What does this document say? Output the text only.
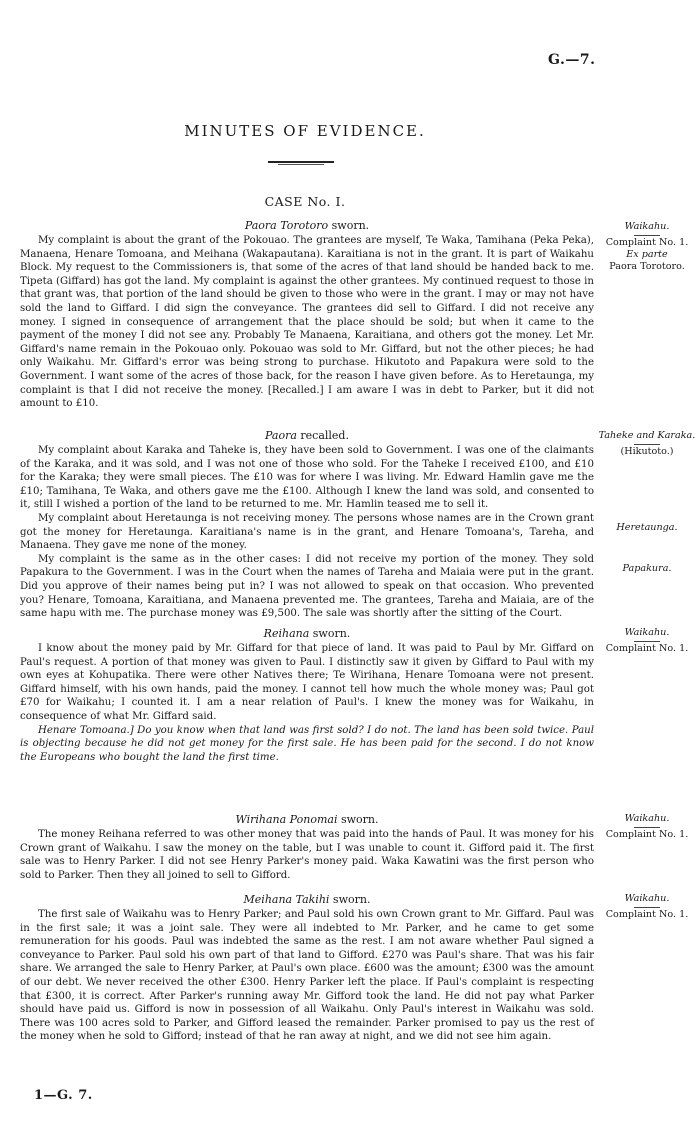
G.—7.
MINUTES OF EVIDENCE.
CASE No. I.

Paora Torotoro sworn.

My complaint is about the grant of the Pokouao. The grantees are myself, Te Waka, Tamihana (Peka Peka), Manaena, Henare Tomoana, and Meihana (Wakapautana). Karaitiana is not in the grant. It is part of Waikahu Block. My request to the Commissioners is, that some of the acres of that land should be handed back to me. Tipeta (Giffard) has got the land. My complaint is against the other grantees. My continued request to those in that grant was, that portion of the land should be given to those who were in the grant. I may or may not have sold the land to Giffard. I did sign the conveyance. The grantees did sell to Giffard. I did not receive any money. I signed in consequence of arrangement that the place should be sold; but when it came to the payment of the money I did not see any. Probably Te Manaena, Karaitiana, and others got the money. Let Mr. Giffard's name remain in the Pokouao only. Pokouao was sold to Mr. Giffard, but not the other pieces; he had only Waikahu. Mr. Giffard's error was being strong to purchase. Hikutoto and Papakura were sold to the Government. I want some of the acres of those back, for the reason I have given before. As to Heretaunga, my complaint is that I did not receive the money. [Recalled.] I am aware I was in debt to Parker, but it did not amount to £10.

Waikahu.
Complaint No. 1.
Ex parte
Paora Torotoro.

Paora recalled.

My complaint about Karaka and Taheke is, they have been sold to Government. I was one of the claimants of the Karaka, and it was sold, and I was not one of those who sold. For the Taheke I received £100, and £10 for the Karaka; they were small pieces. The £10 was for where I was living. Mr. Edward Hamlin gave me the £10; Tamihana, Te Waka, and others gave me the £100. Although I knew the land was sold, and consented to it, still I wished a portion of the land to be returned to me. Mr. Hamlin teased me to sell it.

My complaint about Heretaunga is not receiving money. The persons whose names are in the Crown grant got the money for Heretaunga. Karaitiana's name is in the grant, and Henare Tomoana's, Tareha, and Manaena. They gave me none of the money.

My complaint is the same as in the other cases: I did not receive my portion of the money. They sold Papakura to the Government. I was in the Court when the names of Tareha and Maiaia were put in the grant. Did you approve of their names being put in? I was not allowed to speak on that occasion. Who prevented you? Henare, Tomoana, Karaitiana, and Manaena prevented me. The grantees, Tareha and Maiaia, are of the same hapu with me. The purchase money was £9,500. The sale was shortly after the sitting of the Court.

Taheke and Karaka.
(Hikutoto.)
Heretaunga.
Papakura.

Reihana sworn.

I know about the money paid by Mr. Giffard for that piece of land. It was paid to Paul by Mr. Giffard on Paul's request. A portion of that money was given to Paul. I distinctly saw it given by Giffard to Paul with my own eyes at Kohupatika. There were other Natives there; Te Wirihana, Henare Tomoana were not present. Giffard himself, with his own hands, paid the money. I cannot tell how much the whole money was; Paul got £70 for Waikahu; I counted it. I am a near relation of Paul's. I knew the money was for Waikahu, in consequence of what Mr. Giffard said.

Henare Tomoana.] Do you know when that land was first sold? I do not. The land has been sold twice. Paul is objecting because he did not get money for the first sale. He has been paid for the second. I do not know the Europeans who bought the land the first time.

Waikahu.
Complaint No. 1.

Wirihana Ponomai sworn.

The money Reihana referred to was other money that was paid into the hands of Paul. It was money for his Crown grant of Waikahu. I saw the money on the table, but I was unable to count it. Gifford paid it. The first sale was to Henry Parker. I did not see Henry Parker's money paid. Waka Kawatini was the first person who sold to Parker. Then they all joined to sell to Gifford.

Waikahu.
Complaint No. 1.

Meihana Takihi sworn.

The first sale of Waikahu was to Henry Parker; and Paul sold his own Crown grant to Mr. Giffard. Paul was in the first sale; it was a joint sale. They were all indebted to Mr. Parker, and he came to get some remuneration for his goods. Paul was indebted the same as the rest. I am not aware whether Paul signed a conveyance to Parker. Paul sold his own part of that land to Gifford. £270 was Paul's share. That was his fair share. We arranged the sale to Henry Parker, at Paul's own place. £600 was the amount; £300 was the amount of our debt. We never received the other £300. Henry Parker left the place. If Paul's complaint is respecting that £300, it is correct. After Parker's running away Mr. Gifford took the land. He did not pay what Parker should have paid us. Gifford is now in possession of all Waikahu. Only Paul's interest in Waikahu was sold. There was 100 acres sold to Parker, and Gifford leased the remainder. Parker promised to pay us the rest of the money when he sold to Gifford; instead of that he ran away at night, and we did not see him again.

Waikahu.
Complaint No. 1.
1—G. 7.
